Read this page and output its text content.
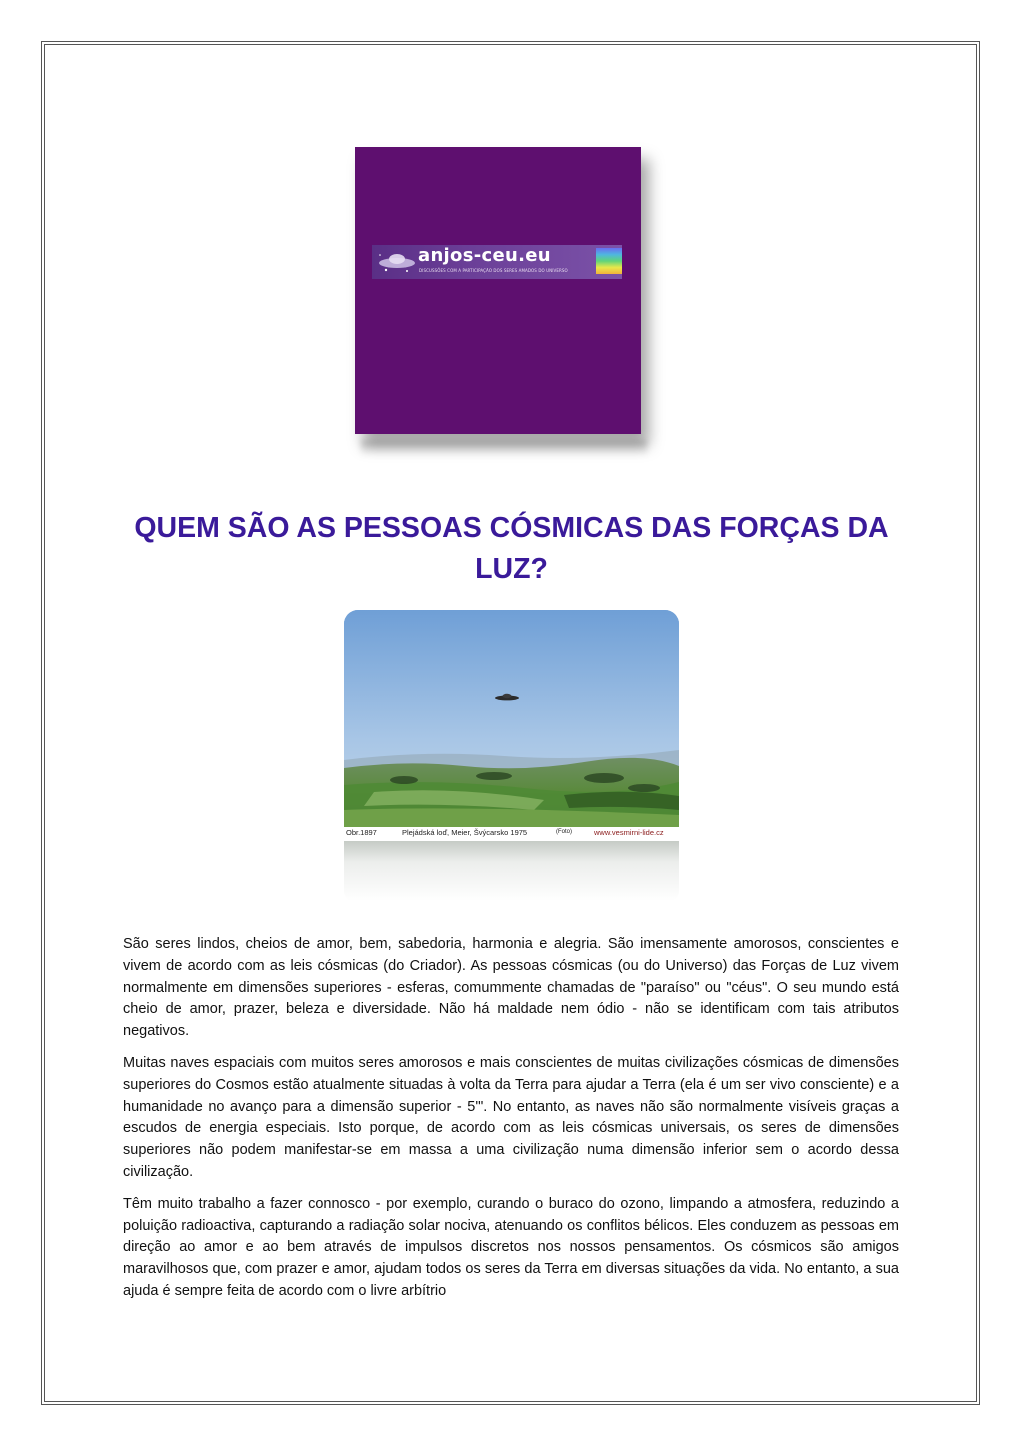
anjos-ceu.eu
DISCUSSÕES COM A PARTICIPAÇÃO DOS SERES AMADOS DO UNIVERSO
QUEM SÃO AS PESSOAS CÓSMICAS DAS FORÇAS DA LUZ?
Obr.1897	Plejádská loď, Meier, Švýcarsko 1975	(Foto)	www.vesmirni-lide.cz

São seres lindos, cheios de amor, bem, sabedoria, harmonia e alegria. São imensamente amorosos, conscientes e vivem de acordo com as leis cósmicas (do Criador). As pessoas cósmicas (ou do Universo) das Forças de Luz vivem normalmente em dimensões superiores - esferas, comummente chamadas de "paraíso" ou "céus". O seu mundo está cheio de amor, prazer, beleza e diversidade. Não há maldade nem ódio - não se identificam com tais atributos negativos.

Muitas naves espaciais com muitos seres amorosos e mais conscientes de muitas civilizações cósmicas de dimensões superiores do Cosmos estão atualmente situadas à volta da Terra para ajudar a Terra (ela é um ser vivo consciente) e a humanidade no avanço para a dimensão superior - 5'". No entanto, as naves não são normalmente visíveis graças a escudos de energia especiais. Isto porque, de acordo com as leis cósmicas universais, os seres de dimensões superiores não podem manifestar-se em massa a uma civilização numa dimensão inferior sem o acordo dessa civilização.

Têm muito trabalho a fazer connosco - por exemplo, curando o buraco do ozono, limpando a atmosfera, reduzindo a poluição radioactiva, capturando a radiação solar nociva, atenuando os conflitos bélicos. Eles conduzem as pessoas em direção ao amor e ao bem através de impulsos discretos nos nossos pensamentos. Os cósmicos são amigos maravilhosos que, com prazer e amor, ajudam todos os seres da Terra em diversas situações da vida. No entanto, a sua ajuda é sempre feita de acordo com o livre arbítrio
